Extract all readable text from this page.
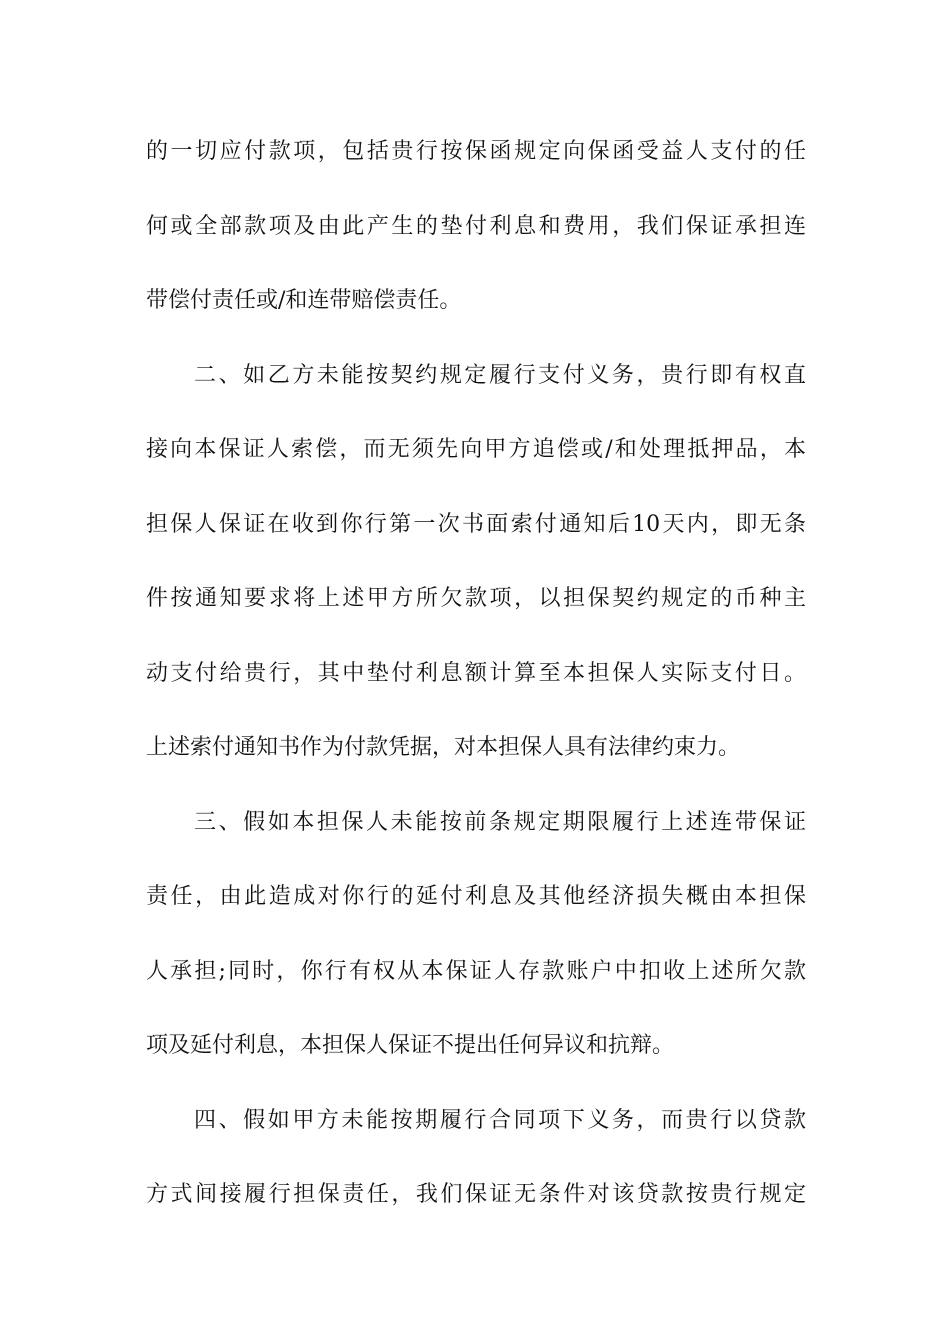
的一切应付款项，包括贵行按保函规定向保函受益人支付的任
何或全部款项及由此产生的垫付利息和费用，我们保证承担连
带偿付责任或/和连带赔偿责任。
二、如乙方未能按契约规定履行支付义务，贵行即有权直
接向本保证人索偿，而无须先向甲方追偿或/和处理抵押品，本
担保人保证在收到你行第一次书面索付通知后10天内，即无条
件按通知要求将上述甲方所欠款项，以担保契约规定的币种主
动支付给贵行，其中垫付利息额计算至本担保人实际支付日。
上述索付通知书作为付款凭据，对本担保人具有法律约束力。
三、假如本担保人未能按前条规定期限履行上述连带保证
责任，由此造成对你行的延付利息及其他经济损失概由本担保
人承担;同时，你行有权从本保证人存款账户中扣收上述所欠款
项及延付利息，本担保人保证不提出任何异议和抗辩。
四、假如甲方未能按期履行合同项下义务，而贵行以贷款
方式间接履行担保责任，我们保证无条件对该贷款按贵行规定
